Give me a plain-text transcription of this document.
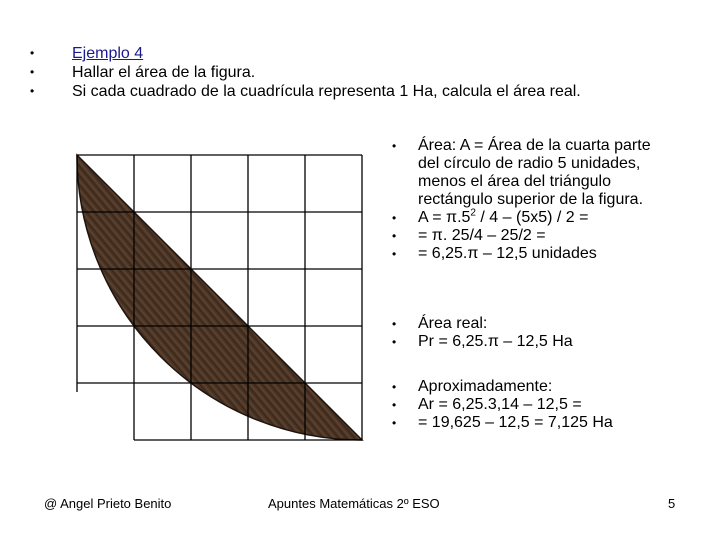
• Ejemplo 4
• Hallar el área de la figura.
• Si cada cuadrado de la cuadrícula representa 1 Ha, calcula el área real.
• Área: A = Área de la cuarta parte del círculo de radio 5 unidades, menos el área del triángulo rectángulo superior de la figura.
• $A = \pi.5^2 / 4 - (5x5) / 2$ =
• = π. 25/4 – 25/2 =
• = 6,25.π – 12,5 unidades
• Área real:
• Pr = 6,25.π – 12,5 Ha
• Aproximadamente:
• Ar = 6,25.3,14 – 12,5 =
• = 19,625 – 12,5 = 7,125 Ha
@ Angel Prieto Benito	Apuntes Matemáticas 2º ESO	5
